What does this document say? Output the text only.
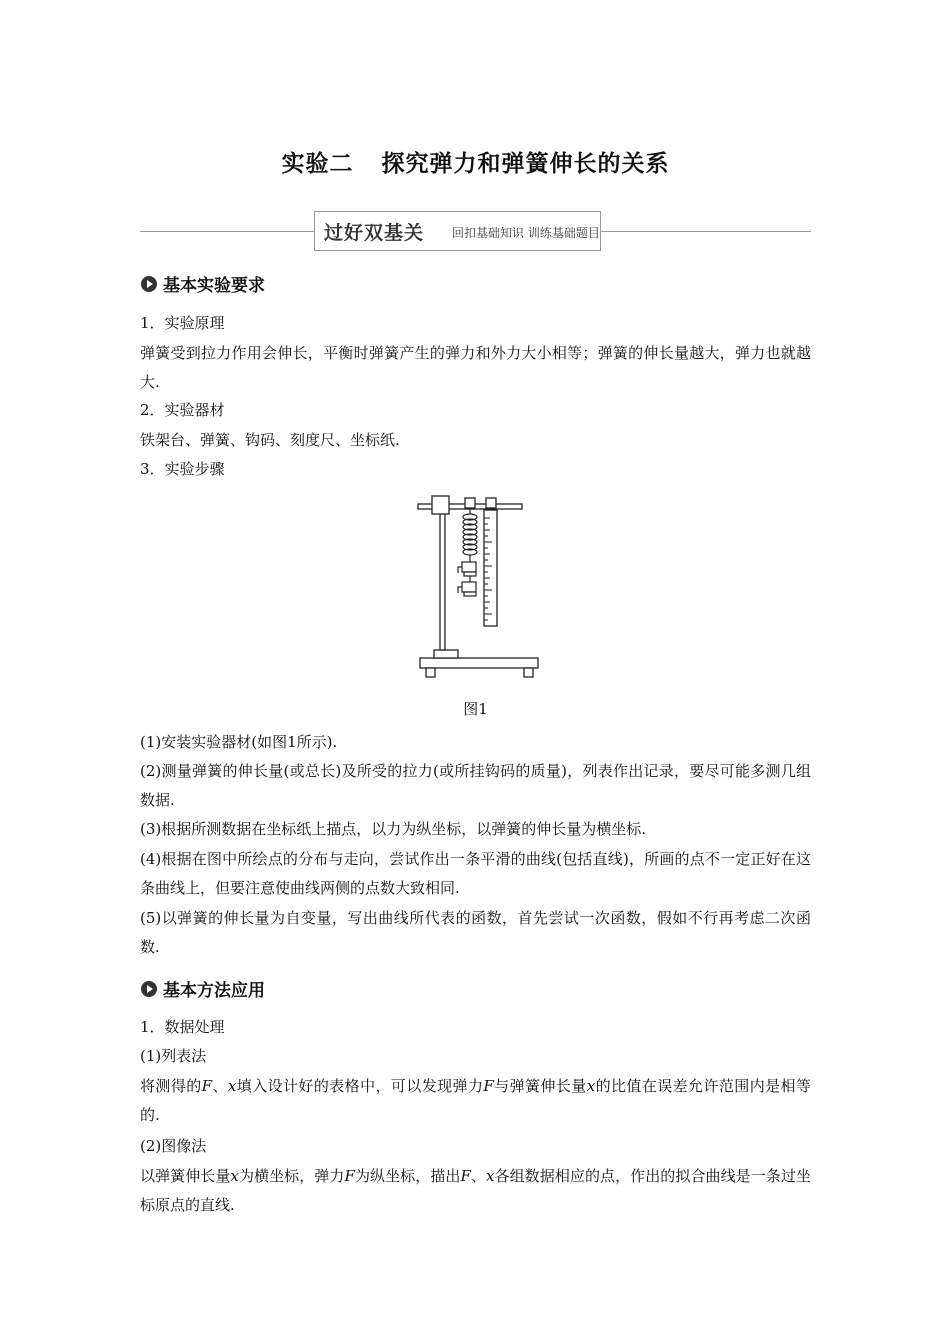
实验二 探究弹力和弹簧伸长的关系
过好双基关 回扣基础知识 训练基础题目
基本实验要求
1．实验原理
弹簧受到拉力作用会伸长，平衡时弹簧产生的弹力和外力大小相等；弹簧的伸长量越大，弹力也就越大.
2．实验器材
铁架台、弹簧、钩码、刻度尺、坐标纸.
3．实验步骤
图1
(1)安装实验器材(如图1所示).
(2)测量弹簧的伸长量(或总长)及所受的拉力(或所挂钩码的质量)，列表作出记录，要尽可能多测几组数据.
(3)根据所测数据在坐标纸上描点，以力为纵坐标，以弹簧的伸长量为横坐标.
(4)根据在图中所绘点的分布与走向，尝试作出一条平滑的曲线(包括直线)，所画的点不一定正好在这条曲线上，但要注意使曲线两侧的点数大致相同.
(5)以弹簧的伸长量为自变量，写出曲线所代表的函数，首先尝试一次函数，假如不行再考虑二次函数.
基本方法应用
1．数据处理
(1)列表法
将测得的F、x填入设计好的表格中，可以发现弹力F与弹簧伸长量x的比值在误差允许范围内是相等的.
(2)图像法
以弹簧伸长量x为横坐标，弹力F为纵坐标，描出F、x各组数据相应的点，作出的拟合曲线是一条过坐标原点的直线.
